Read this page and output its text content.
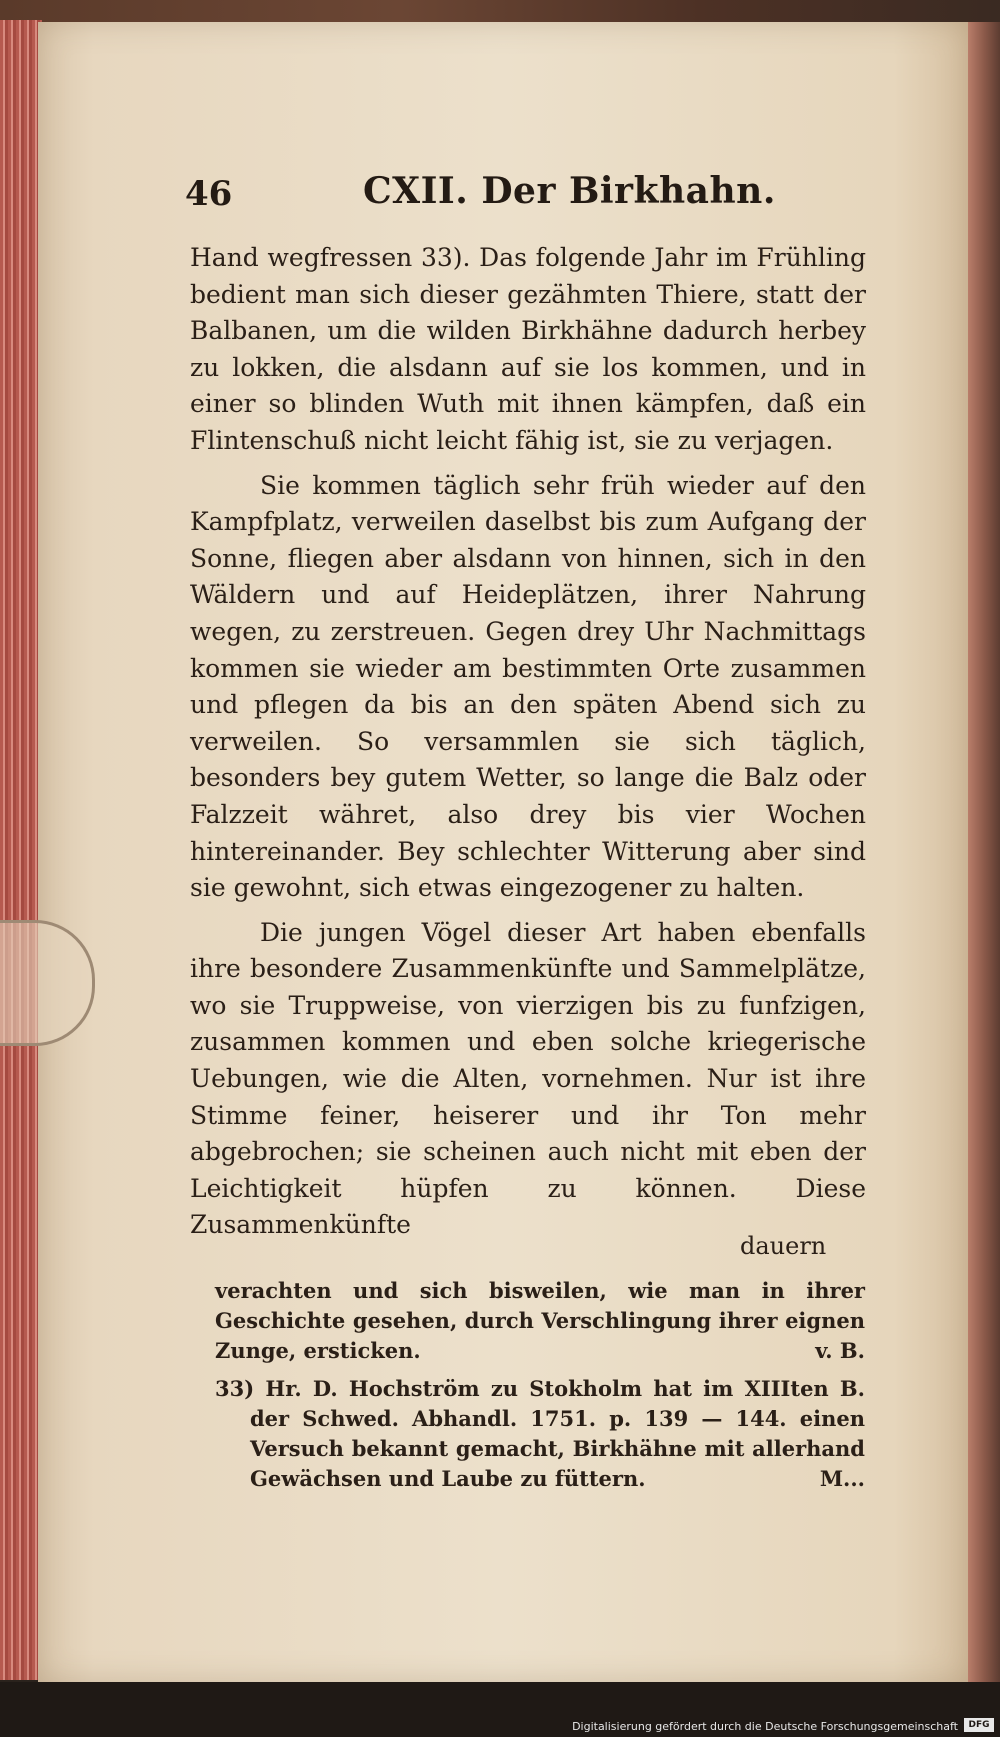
46	CXII. Der Birkhahn.

Hand wegfressen 33). Das folgende Jahr im Frühling bedient man sich dieser gezähmten Thiere, statt der Balbanen, um die wilden Birkhähne dadurch herbey zu lokken, die alsdann auf sie los kommen, und in einer so blinden Wuth mit ihnen kämpfen, daß ein Flintenschuß nicht leicht fähig ist, sie zu verjagen.

Sie kommen täglich sehr früh wieder auf den Kampfplatz, verweilen daselbst bis zum Aufgang der Sonne, fliegen aber alsdann von hinnen, sich in den Wäldern und auf Heideplätzen, ihrer Nahrung wegen, zu zerstreuen. Gegen drey Uhr Nachmittags kommen sie wieder am bestimmten Orte zusammen und pflegen da bis an den späten Abend sich zu verweilen. So versammlen sie sich täglich, besonders bey gutem Wetter, so lange die Balz oder Falzzeit währet, also drey bis vier Wochen hintereinander. Bey schlechter Witterung aber sind sie gewohnt, sich etwas eingezogener zu halten.

Die jungen Vögel dieser Art haben ebenfalls ihre besondere Zusammenkünfte und Sammelplätze, wo sie Truppweise, von vierzigen bis zu funfzigen, zusammen kommen und eben solche kriegerische Uebungen, wie die Alten, vornehmen. Nur ist ihre Stimme feiner, heiserer und ihr Ton mehr abgebrochen; sie scheinen auch nicht mit eben der Leichtigkeit hüpfen zu können. Diese Zusammenkünfte

dauern

verachten und sich bisweilen, wie man in ihrer Geschichte gesehen, durch Verschlingung ihrer eignen Zunge, ersticken.	v. B.

33) Hr. D. Hochström zu Stokholm hat im XIIIten B. der Schwed. Abhandl. 1751. p. 139 — 144. einen Versuch bekannt gemacht, Birkhähne mit allerhand Gewächsen und Laube zu füttern.	M...

Digitalisierung gefördert durch die Deutsche Forschungsgemeinschaft	DFG
